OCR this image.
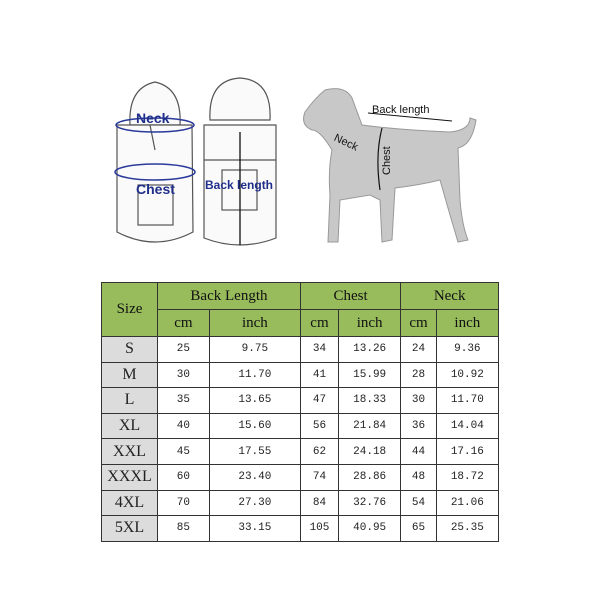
Neck
Chest	Back length
Back length
Neck
Chest
Size	Back Length		Chest		Neck	
	cm	inch	cm	inch	cm	inch
S	25	9.75	34	13.26	24	9.36
M	30	11.70	41	15.99	28	10.92
L	35	13.65	47	18.33	30	11.70
XL	40	15.60	56	21.84	36	14.04
XXL	45	17.55	62	24.18	44	17.16
XXXL	60	23.40	74	28.86	48	18.72
4XL	70	27.30	84	32.76	54	21.06
5XL	85	33.15	105	40.95	65	25.35
